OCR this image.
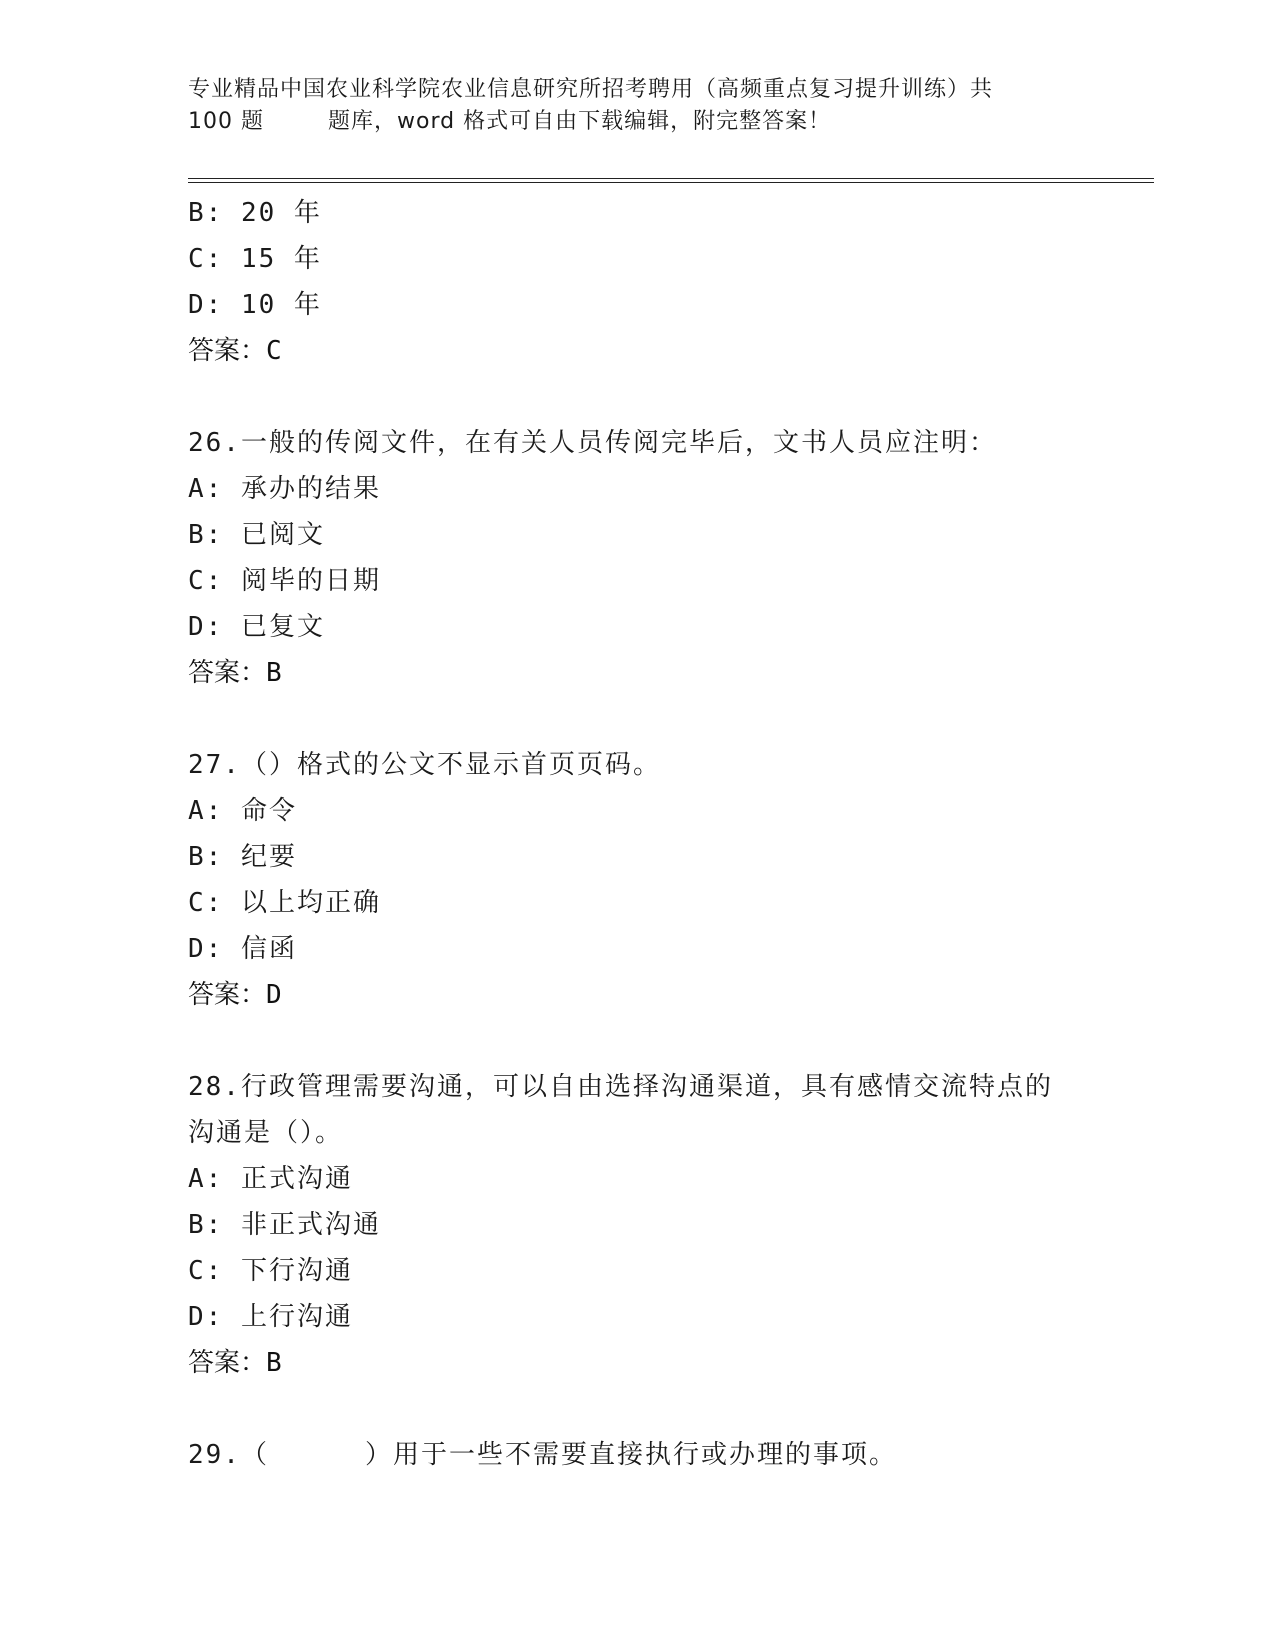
专业精品中国农业科学院农业信息研究所招考聘用（高频重点复习提升训练）共
100 题	题库，word 格式可自由下载编辑，附完整答案！
B: 20 年
C: 15 年
D: 10 年
答案：C
26.一般的传阅文件，在有关人员传阅完毕后，文书人员应注明：
A: 承办的结果
B: 已阅文
C: 阅毕的日期
D: 已复文
答案：B
27.（）格式的公文不显示首页页码。
A: 命令
B: 纪要
C: 以上均正确
D: 信函
答案：D
28.行政管理需要沟通，可以自由选择沟通渠道，具有感情交流特点的
沟通是（）。
A: 正式沟通
B: 非正式沟通
C: 下行沟通
D: 上行沟通
答案：B
29.（	）用于一些不需要直接执行或办理的事项。
